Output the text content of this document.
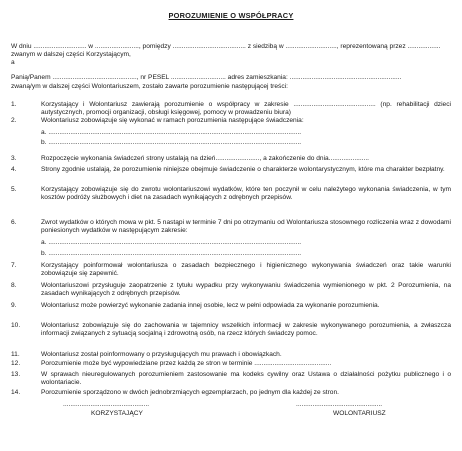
POROZUMIENIE O WSPÓŁPRACY
W dniu ............................. w ........................, pomiędzy ........................................ z siedzibą w ............................, reprezentowaną przez ..................
zwanym w dalszej części Korzystającym,
a
Panią/Panem .............................................., nr PESEL .............................. adres zamieszkania: .............................................................
zwaną/ym w dalszej części Wolontariuszem, zostało zawarte porozumienie następującej treści:
1.	Korzystający i Wolontariusz zawierają porozumienie o współpracy w zakresie ............................................. (np. rehabilitacji dzieci autystycznych, promocji organizacji, obsługi księgowej, pomocy w prowadzeniu biura)
2.	Wolontariusz zobowiązuje się wykonać w ramach porozumienia następujące świadczenia:
a. ..........................................................................................................................................
b. ..........................................................................................................................................
3.	Rozpoczęcie wykonania świadczeń strony ustalają na dzień........................, a zakończenie do dnia......................
4.	Strony zgodnie ustalają, że porozumienie niniejsze obejmuje świadczenie o charakterze wolontarystycznym, które ma charakter bezpłatny.
5.	Korzystający zobowiązuje się do zwrotu wolontariuszowi wydatków, które ten poczynił w celu należytego wykonania świadczenia, w tym kosztów podróży służbowych i diet na zasadach wynikających z odrębnych przepisów.
6.	Zwrot wydatków o których mowa w pkt. 5 nastąpi w terminie 7 dni po otrzymaniu od Wolontariusza stosownego rozliczenia wraz z dowodami poniesionych wydatków w następującym zakresie:
a. ..........................................................................................................................................
b. ..........................................................................................................................................
7.	Korzystający poinformował wolontariusza o zasadach bezpiecznego i higienicznego wykonywania świadczeń oraz takie warunki zobowiązuje się zapewnić.
8.	Wolontariuszowi przysługuje zaopatrzenie z tytułu wypadku przy wykonywaniu świadczenia wymienionego w pkt. 2 Porozumienia, na zasadach wynikających z odrębnych przepisów.
9.	Wolontariusz może powierzyć wykonanie zadania innej osobie, lecz w pełni odpowiada za wykonanie porozumienia.
10.	Wolontariusz zobowiązuje się do zachowania w tajemnicy wszelkich informacji w zakresie wykonywanego porozumienia, a zwłaszcza informacji związanych z sytuacją socjalną i zdrowotną osób, na rzecz których świadczy pomoc.
11.	Wolontariusz został poinformowany o przysługujących mu prawach i obowiązkach.
12.	Porozumienie może być wypowiedziane przez każdą ze stron w terminie ..........................................
13.	W sprawach nieuregulowanych porozumieniem zastosowanie ma kodeks cywilny oraz Ustawa o działalności pożytku publicznego i o wolontariacie.
14.	Porozumienie sporządzono w dwóch jednobrzmiących egzemplarzach, po jednym dla każdej ze stron.
...............................................	...............................................
KORZYSTAJĄCY	WOLONTARIUSZ
